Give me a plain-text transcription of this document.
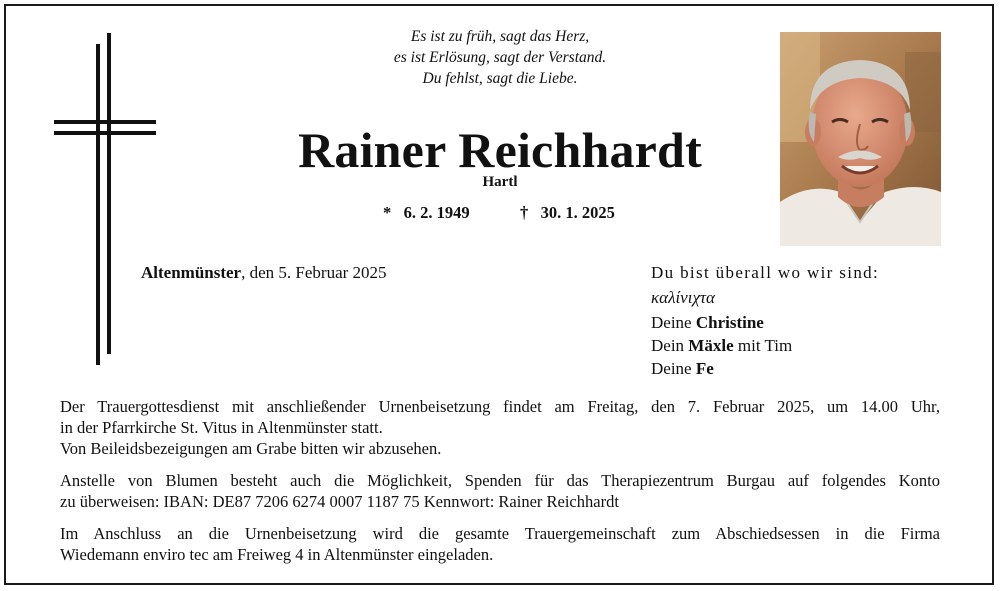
Es ist zu früh, sagt das Herz,
es ist Erlösung, sagt der Verstand.
Du fehlst, sagt die Liebe.
Rainer Reichhardt
Hartl
* 6. 2. 1949	† 30. 1. 2025
Altenmünster, den 5. Februar 2025	Du bist überall wo wir sind:
καλίνιχτα
Deine Christine
Dein Mäxle mit Tim
Deine Fe
Der Trauergottesdienst mit anschließender Urnenbeisetzung findet am Freitag, den 7. Februar 2025, um 14.00 Uhr,
in der Pfarrkirche St. Vitus in Altenmünster statt.
Von Beileidsbezeigungen am Grabe bitten wir abzusehen.
Anstelle von Blumen besteht auch die Möglichkeit, Spenden für das Therapiezentrum Burgau auf folgendes Konto
zu überweisen: IBAN: DE87 7206 6274 0007 1187 75 Kennwort: Rainer Reichhardt
Im Anschluss an die Urnenbeisetzung wird die gesamte Trauergemeinschaft zum Abschiedsessen in die Firma
Wiedemann enviro tec am Freiweg 4 in Altenmünster eingeladen.
